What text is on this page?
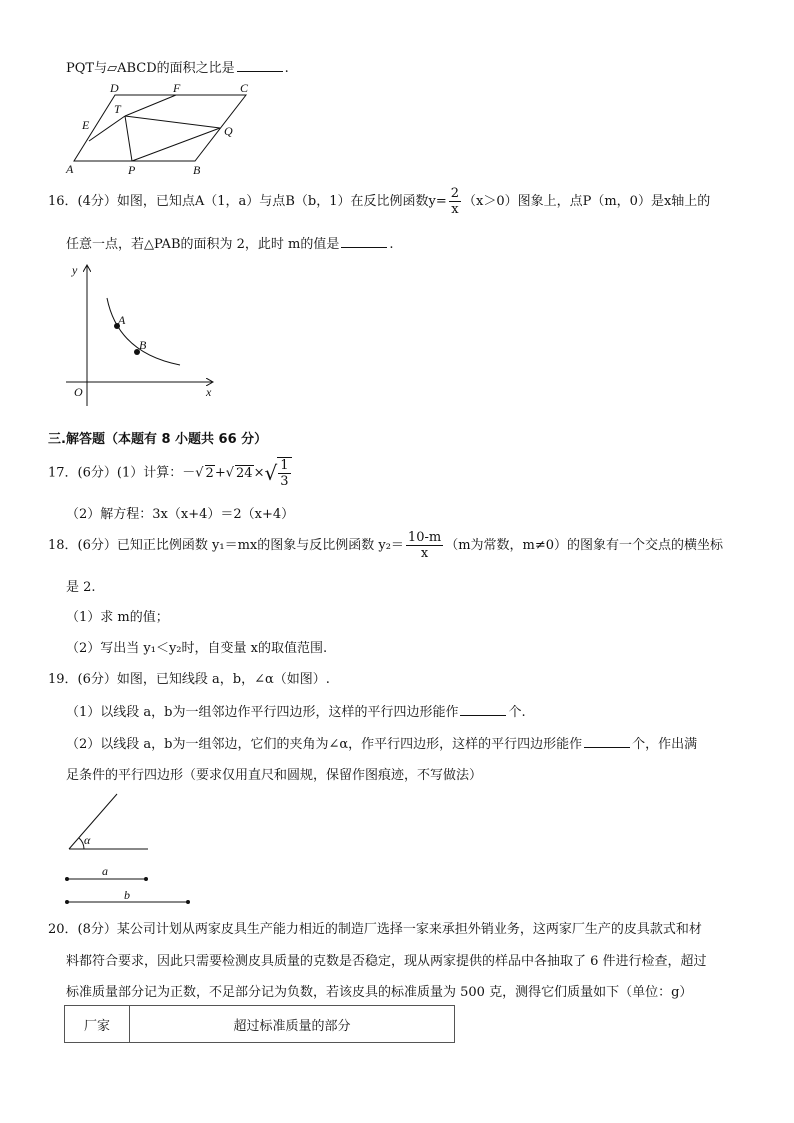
PQT与▱ABCD的面积之比是	.
D	F	C
T
E	Q
A	P	B
16．(4分）如图，已知点A（1，a）与点B（b，1）在反比例函数$y= \frac{2}{x} (x>0)$图象上，点P（m，0）是x轴上的
任意一点，若△PAB的面积为 2，此时 m的值是	.
y
A
B
O	x
三.解答题（本题有 8 小题共 66 分）
17．(6分）(1）计算：－√ 2+√ $24\times√ \frac{1}{3}$
（2）解方程：3x（x+4）＝2（x+4）
18．(6分）已知正比例函数 y₁＝mx的图象与反比例函数 $y_2= \frac{10-m}{x} (m$为常数，m≠0）的图象有一个交点的横坐标
是 2.
（1）求 m的值；
（2）写出当 y₁＜y₂时，自变量 x的取值范围.
19．(6分）如图，已知线段 a，b，∠α（如图）.
（1）以线段 a，b为一组邻边作平行四边形，这样的平行四边形能作	个.
（2）以线段 a，b为一组邻边，它们的夹角为∠α，作平行四边形，这样的平行四边形能作	个，作出满
足条件的平行四边形（要求仅用直尺和圆规，保留作图痕迹，不写做法）
α
a
b
20．(8分）某公司计划从两家皮具生产能力相近的制造厂选择一家来承担外销业务，这两家厂生产的皮具款式和材
料都符合要求，因此只需要检测皮具质量的克数是否稳定，现从两家提供的样品中各抽取了 6 件进行检查，超过
标准质量部分记为正数，不足部分记为负数，若该皮具的标准质量为 500 克，测得它们质量如下（单位：g）
厂家	超过标准质量的部分
